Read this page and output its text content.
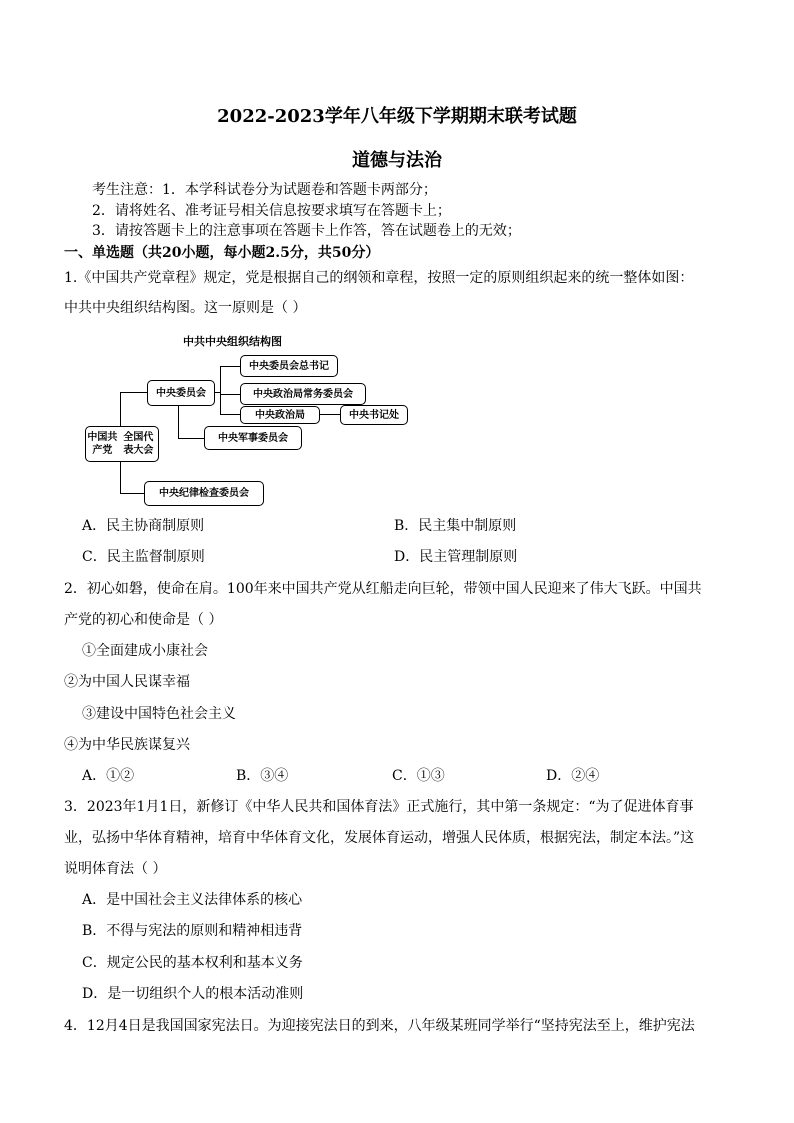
2022-2023学年八年级下学期期末联考试题
道德与法治
考生注意：1．本学科试卷分为试题卷和答题卡两部分；
2．请将姓名、准考证号相关信息按要求填写在答题卡上；
3．请按答题卡上的注意事项在答题卡上作答，答在试题卷上的无效；
一、单选题（共20小题，每小题2.5分，共50分）
1.《中国共产党章程》规定，党是根据自己的纲领和章程，按照一定的原则组织起来的统一整体如图：
中共中央组织结构图。这一原则是（ ）
中共中央组织结构图
中国共产党

全国代表大会
中央委员会
中央委员会总书记
中央政治局常务委员会
中央政治局	中央书记处
中央军事委员会
中央纪律检查委员会
A．民主协商制原则	B．民主集中制原则
C．民主监督制原则	D．民主管理制原则
2．初心如磐，使命在肩。100年来中国共产党从红船走向巨轮，带领中国人民迎来了伟大飞跃。中国共
产党的初心和使命是（ ）
①全面建成小康社会
②为中国人民谋幸福
③建设中国特色社会主义
④为中华民族谋复兴
A．①②	B．③④	C．①③	D．②④
3．2023年1月1日，新修订《中华人民共和国体育法》正式施行，其中第一条规定：“为了促进体育事
业，弘扬中华体育精神，培育中华体育文化，发展体育运动，增强人民体质，根据宪法，制定本法。”这
说明体育法（ ）
A．是中国社会主义法律体系的核心
B．不得与宪法的原则和精神相违背
C．规定公民的基本权利和基本义务
D．是一切组织个人的根本活动准则
4．12月4日是我国国家宪法日。为迎接宪法日的到来，八年级某班同学举行“坚持宪法至上，维护宪法
